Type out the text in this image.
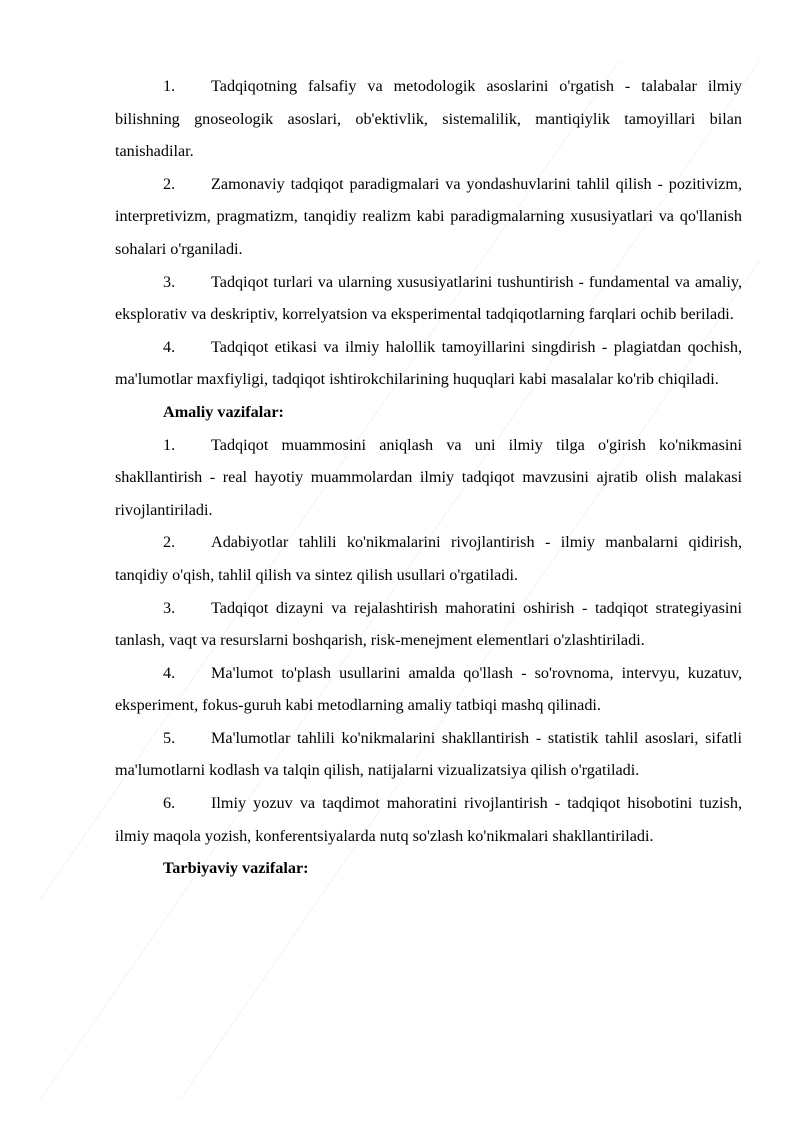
1. Tadqiqotning falsafiy va metodologik asoslarini o'rgatish - talabalar ilmiy bilishning gnoseologik asoslari, ob'ektivlik, sistemalilik, mantiqiylik tamoyillari bilan tanishadilar.

2. Zamonaviy tadqiqot paradigmalari va yondashuvlarini tahlil qilish - pozitivizm, interpretivizm, pragmatizm, tanqidiy realizm kabi paradigmalarning xususiyatlari va qo'llanish sohalari o'rganiladi.

3. Tadqiqot turlari va ularning xususiyatlarini tushuntirish - fundamental va amaliy, eksplorativ va deskriptiv, korrelyatsion va eksperimental tadqiqotlarning farqlari ochib beriladi.

4. Tadqiqot etikasi va ilmiy halollik tamoyillarini singdirish - plagiatdan qochish, ma'lumotlar maxfiyligi, tadqiqot ishtirokchilarining huquqlari kabi masalalar ko'rib chiqiladi.

Amaliy vazifalar:

1. Tadqiqot muammosini aniqlash va uni ilmiy tilga o'girish ko'nikmasini shakllantirish - real hayotiy muammolardan ilmiy tadqiqot mavzusini ajratib olish malakasi rivojlantiriladi.

2. Adabiyotlar tahlili ko'nikmalarini rivojlantirish - ilmiy manbalarni qidirish, tanqidiy o'qish, tahlil qilish va sintez qilish usullari o'rgatiladi.

3. Tadqiqot dizayni va rejalashtirish mahoratini oshirish - tadqiqot strategiyasini tanlash, vaqt va resurslarni boshqarish, risk-menejment elementlari o'zlashtiriladi.

4. Ma'lumot to'plash usullarini amalda qo'llash - so'rovnoma, intervyu, kuzatuv, eksperiment, fokus-guruh kabi metodlarning amaliy tatbiqi mashq qilinadi.

5. Ma'lumotlar tahlili ko'nikmalarini shakllantirish - statistik tahlil asoslari, sifatli ma'lumotlarni kodlash va talqin qilish, natijalarni vizualizatsiya qilish o'rgatiladi.

6. Ilmiy yozuv va taqdimot mahoratini rivojlantirish - tadqiqot hisobotini tuzish, ilmiy maqola yozish, konferentsiyalarda nutq so'zlash ko'nikmalari shakllantiriladi.

Tarbiyaviy vazifalar:
